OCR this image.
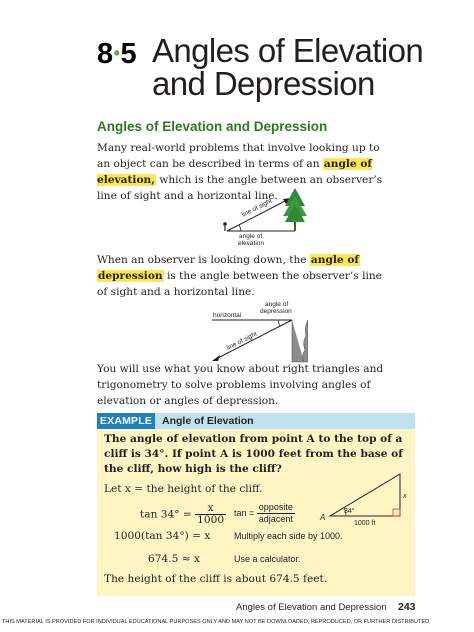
8•5 Angles of Elevation
and Depression
Angles of Elevation and Depression
Many real-world problems that involve looking up to an object can be described in terms of an angle of elevation, which is the angle between an observer’s line of sight and a horizontal line.
line of sight
angle of
elevation
When an observer is looking down, the angle of
depression is the angle between the observer’s line of sight and a horizontal line.
horizontal
angle of
depression
line of sight
You will use what you know about right triangles and trigonometry to solve problems involving angles of elevation or angles of depression.
EXAMPLE Angle of Elevation
The angle of elevation from point A to the top of a cliff is 34°. If point A is 1000 feet from the base of the cliff, how high is the cliff?
Let x = the height of the cliff.
$\tan 34^\circ = \frac{x}{1000}$ $\tan = \frac{\text{opposite}}{\text{adjacent}}$
1000(tan 34°) = x	Multiply each side by 1000.
674.5 ≈ x	Use a calculator.
The height of the cliff is about 674.5 feet.
A
34°
1000 ft
x
Angles of Elevation and Depression 243
THIS MATERIAL IS PROVIDED FOR INDIVIDUAL EDUCATIONAL PURPOSES ONLY AND MAY NOT BE DOWNLOADED, REPRODUCED, OR FURTHER DISTRIBUTED.
